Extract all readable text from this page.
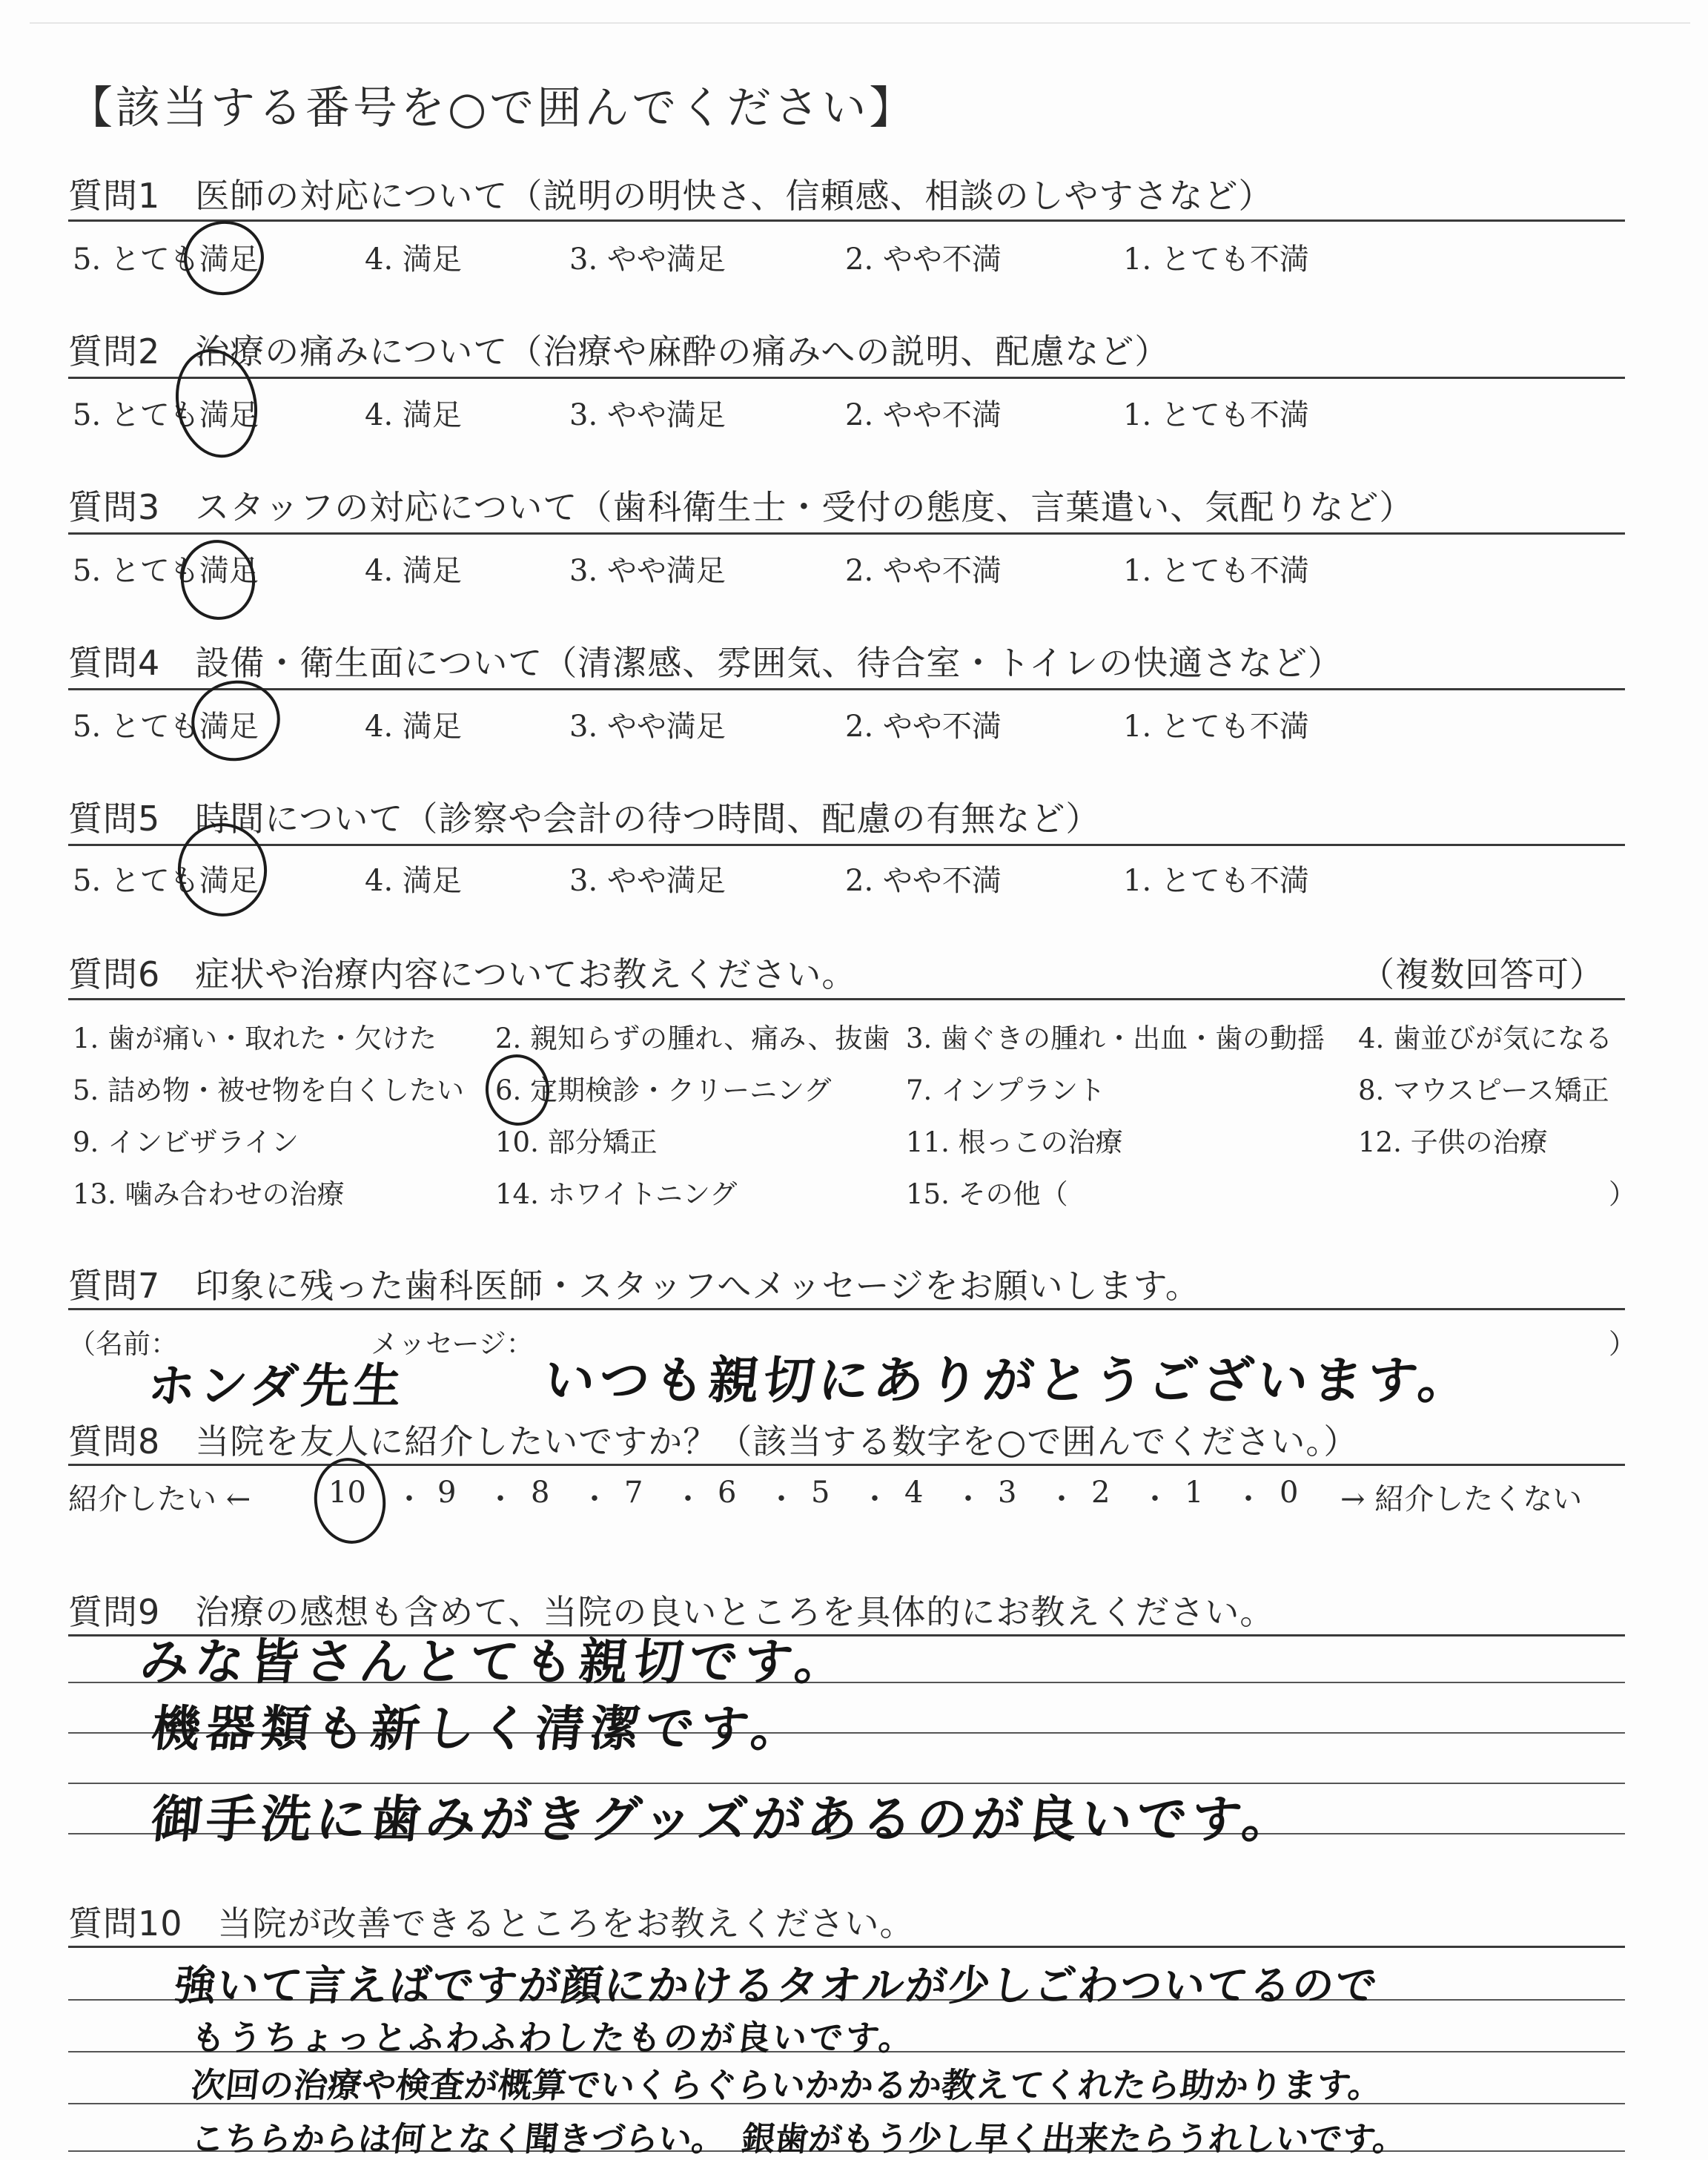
【該当する番号を○で囲んでください】
質問1　医師の対応について（説明の明快さ、信頼感、相談のしやすさなど）
5. とても満足	4. 満足	3. やや満足	2. やや不満	1. とても不満
質問2　治療の痛みについて（治療や麻酔の痛みへの説明、配慮など）
5. とても満足	4. 満足	3. やや満足	2. やや不満	1. とても不満
質問3　スタッフの対応について（歯科衛生士・受付の態度、言葉遣い、気配りなど）
5. とても満足	4. 満足	3. やや満足	2. やや不満	1. とても不満
質問4　設備・衛生面について（清潔感、雰囲気、待合室・トイレの快適さなど）
5. とても満足	4. 満足	3. やや満足	2. やや不満	1. とても不満
質問5　時間について（診察や会計の待つ時間、配慮の有無など）
5. とても満足	4. 満足	3. やや満足	2. やや不満	1. とても不満
質問6　症状や治療内容についてお教えください。	（複数回答可）
1. 歯が痛い・取れた・欠けた 2. 親知らずの腫れ、痛み、抜歯 3. 歯ぐきの腫れ・出血・歯の動揺 4. 歯並びが気になる
5. 詰め物・被せ物を白くしたい 6. 定期検診・クリーニング	7. インプラント	8. マウスピース矯正
9. インビザライン	10. 部分矯正	11. 根っこの治療	12. 子供の治療
13. 噛み合わせの治療	14. ホワイトニング	15. その他（	）
質問7　印象に残った歯科医師・スタッフへメッセージをお願いします。
（名前：	メッセージ：	）
ホンダ先生	いつも親切にありがとうございます。
質問8　当院を友人に紹介したいですか？（該当する数字を○で囲んでください。）
紹介したい ←	→ 紹介したくない
10 ・ 9 ・ 8 ・ 7 ・ 6 ・ 5 ・ 4 ・ 3 ・ 2 ・ 1 ・ 0
質問9　治療の感想も含めて、当院の良いところを具体的にお教えください。
みな皆さんとても親切です。
機器類も新しく清潔です。
御手洗に歯みがきグッズがあるのが良いです。
質問10　当院が改善できるところをお教えください。
強いて言えばですが顔にかけるタオルが少しごわついてるので
もうちょっとふわふわしたものが良いです。
次回の治療や検査が概算でいくらぐらいかかるか教えてくれたら助かります。
こちらからは何となく聞きづらい。　銀歯がもう少し早く出来たらうれしいです。
